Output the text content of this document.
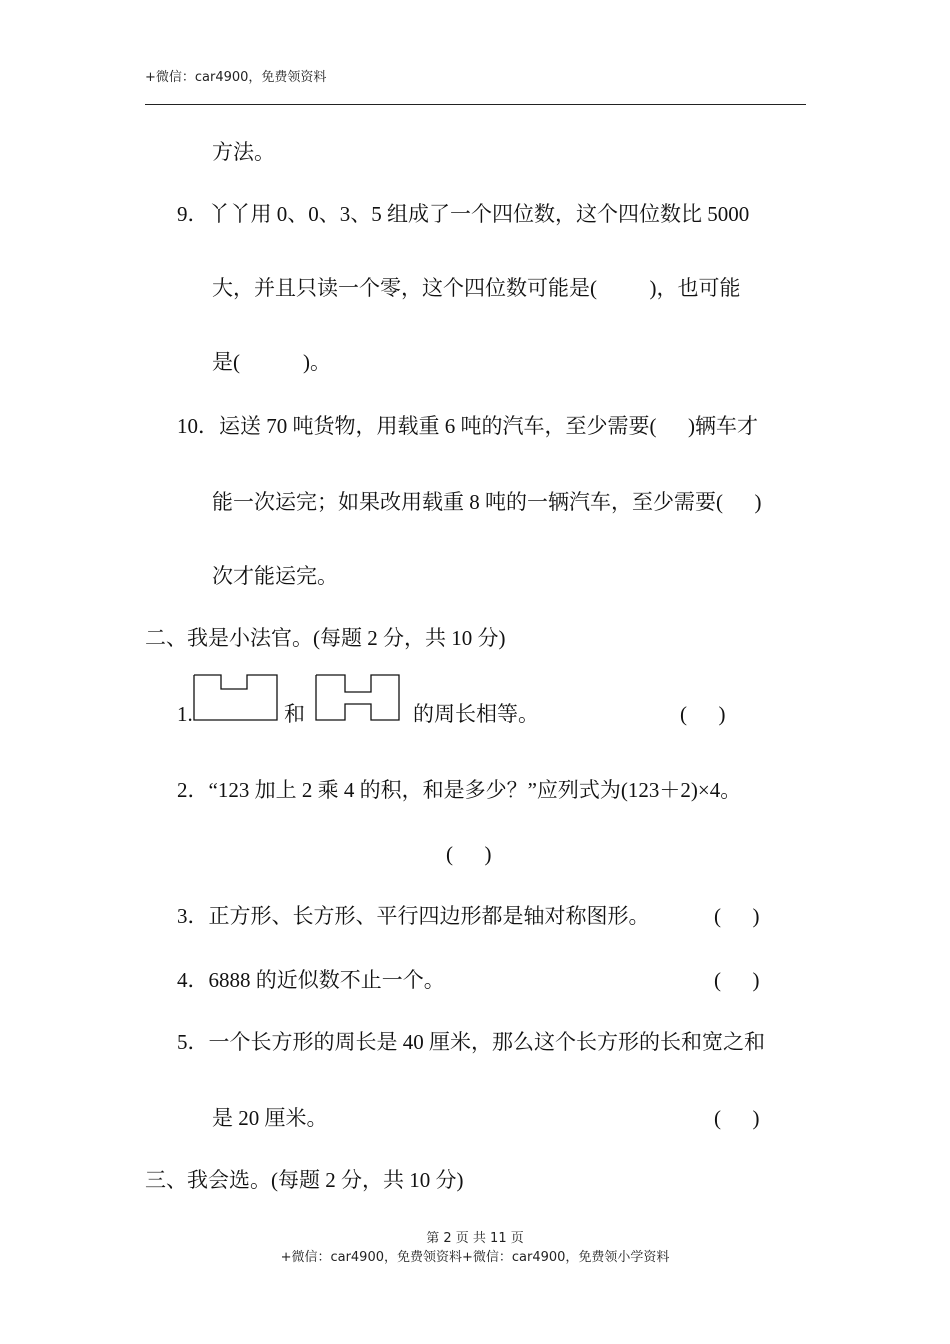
+微信：car4900，免费领资料
方法。
9．丫丫用 0、0、3、5 组成了一个四位数，这个四位数比 5000
大，并且只读一个零，这个四位数可能是(          )，也可能
是(            )。
10．运送 70 吨货物，用载重 6 吨的汽车，至少需要(      )辆车才
能一次运完；如果改用载重 8 吨的一辆汽车，至少需要(      )
次才能运完。
二、我是小法官。(每题 2 分，共 10 分)
1.	和	的周长相等。	(      )
2．“123 加上 2 乘 4 的积，和是多少？”应列式为(123＋2)×4。
(      )
3．正方形、长方形、平行四边形都是轴对称图形。	(      )
4．6888 的近似数不止一个。	(      )
5．一个长方形的周长是 40 厘米，那么这个长方形的长和宽之和
是 20 厘米。	(      )
三、我会选。(每题 2 分，共 10 分)
第 2 页 共 11 页
+微信：car4900，免费领资料+微信：car4900，免费领小学资料
